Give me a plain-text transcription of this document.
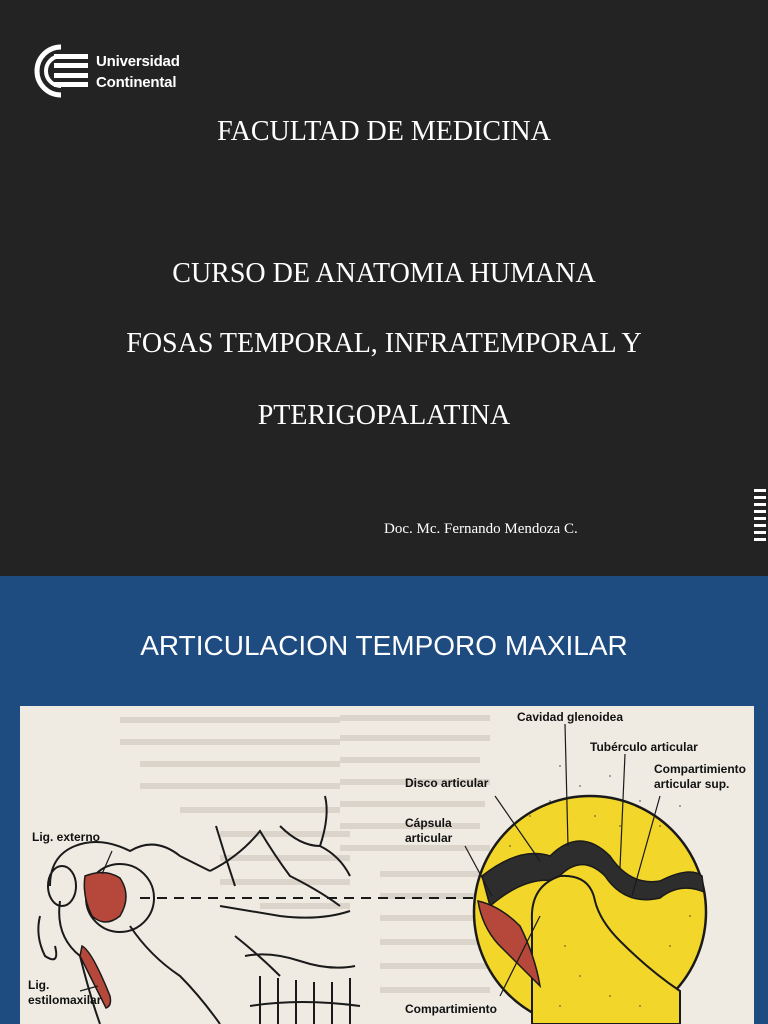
Universidad
Continental
FACULTAD DE MEDICINA
CURSO DE ANATOMIA HUMANA
FOSAS TEMPORAL, INFRATEMPORAL Y
PTERIGOPALATINA
Doc. Mc. Fernando Mendoza C.
ARTICULACION TEMPORO MAXILAR
Lig. externo
Lig.
estilomaxilar
Cavidad glenoidea
Tubérculo articular
Compartimiento
articular sup.
Disco articular
Cápsula
articular
Compartimiento
